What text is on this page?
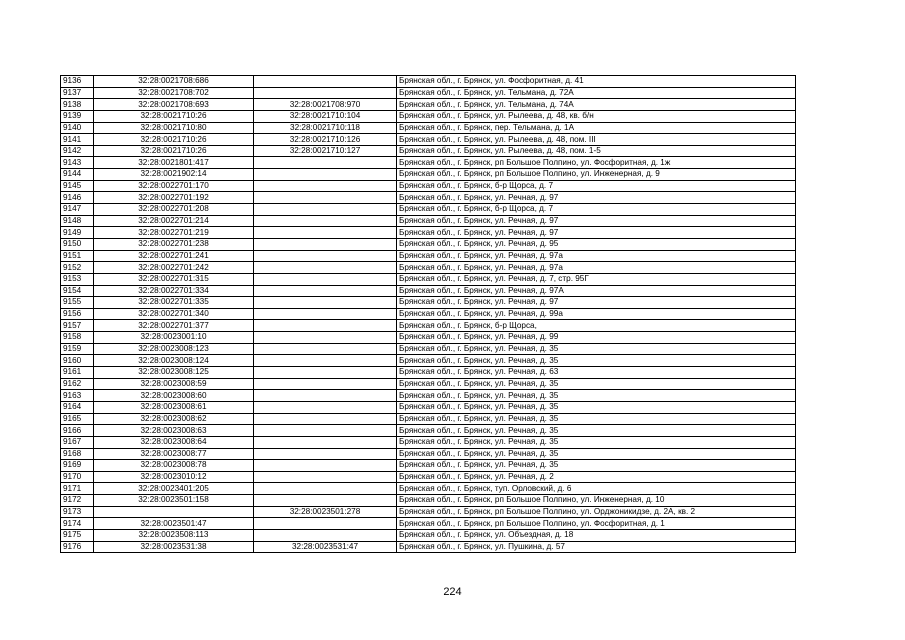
9136	32:28:0021708:686		Брянская обл., г. Брянск, ул. Фосфоритная, д. 41
9137	32:28:0021708:702		Брянская обл., г. Брянск, ул. Тельмана, д. 72А
9138	32:28:0021708:693	32:28:0021708:970	Брянская обл., г. Брянск, ул. Тельмана, д. 74А
9139	32:28:0021710:26	32:28:0021710:104	Брянская обл., г. Брянск, ул. Рылеева, д. 48, кв. б/н
9140	32:28:0021710:80	32:28:0021710:118	Брянская обл., г. Брянск, пер. Тельмана, д. 1А
9141	32:28:0021710:26	32:28:0021710:126	Брянская обл., г. Брянск, ул. Рылеева, д. 48, пом. III
9142	32:28:0021710:26	32:28:0021710:127	Брянская обл., г. Брянск, ул. Рылеева, д. 48, пом. 1-5
9143	32:28:0021801:417		Брянская обл., г. Брянск, рп Большое Полпино, ул. Фосфоритная, д. 1ж
9144	32:28:0021902:14		Брянская обл., г. Брянск, рп Большое Полпино, ул. Инженерная, д. 9
9145	32:28:0022701:170		Брянская обл., г. Брянск, б-р Щорса, д. 7
9146	32:28:0022701:192		Брянская обл., г. Брянск, ул. Речная, д. 97
9147	32:28:0022701:208		Брянская обл., г. Брянск, б-р Щорса, д. 7
9148	32:28:0022701:214		Брянская обл., г. Брянск, ул. Речная, д. 97
9149	32:28:0022701:219		Брянская обл., г. Брянск, ул. Речная, д. 97
9150	32:28:0022701:238		Брянская обл., г. Брянск, ул. Речная, д. 95
9151	32:28:0022701:241		Брянская обл., г. Брянск, ул. Речная, д. 97а
9152	32:28:0022701:242		Брянская обл., г. Брянск, ул. Речная, д. 97а
9153	32:28:0022701:315		Брянская обл., г. Брянск, ул. Речная, д. 7, стр. 95Г
9154	32:28:0022701:334		Брянская обл., г. Брянск, ул. Речная, д. 97А
9155	32:28:0022701:335		Брянская обл., г. Брянск, ул. Речная, д. 97
9156	32:28:0022701:340		Брянская обл., г. Брянск, ул. Речная, д. 99а
9157	32:28:0022701:377		Брянская обл., г. Брянск, б-р Щорса,
9158	32:28:0023001:10		Брянская обл., г. Брянск, ул. Речная, д. 99
9159	32:28:0023008:123		Брянская обл., г. Брянск, ул. Речная, д. 35
9160	32:28:0023008:124		Брянская обл., г. Брянск, ул. Речная, д. 35
9161	32:28:0023008:125		Брянская обл., г. Брянск, ул. Речная, д. 63
9162	32:28:0023008:59		Брянская обл., г. Брянск, ул. Речная, д. 35
9163	32:28:0023008:60		Брянская обл., г. Брянск, ул. Речная, д. 35
9164	32:28:0023008:61		Брянская обл., г. Брянск, ул. Речная, д. 35
9165	32:28:0023008:62		Брянская обл., г. Брянск, ул. Речная, д. 35
9166	32:28:0023008:63		Брянская обл., г. Брянск, ул. Речная, д. 35
9167	32:28:0023008:64		Брянская обл., г. Брянск, ул. Речная, д. 35
9168	32:28:0023008:77		Брянская обл., г. Брянск, ул. Речная, д. 35
9169	32:28:0023008:78		Брянская обл., г. Брянск, ул. Речная, д. 35
9170	32:28:0023010:12		Брянская обл., г. Брянск, ул. Речная, д. 2
9171	32:28:0023401:205		Брянская обл., г. Брянск, туп. Орловский, д. 6
9172	32:28:0023501:158		Брянская обл., г. Брянск, рп Большое Полпино, ул. Инженерная, д. 10
9173		32:28:0023501:278	Брянская обл., г. Брянск, рп Большое Полпино, ул. Орджоникидзе, д. 2А, кв. 2
9174	32:28:0023501:47		Брянская обл., г. Брянск, рп Большое Полпино, ул. Фосфоритная, д. 1
9175	32:28:0023508:113		Брянская обл., г. Брянск, ул. Объездная, д. 18
9176	32:28:0023531:38	32:28:0023531:47	Брянская обл., г. Брянск, ул. Пушкина, д. 57
224
